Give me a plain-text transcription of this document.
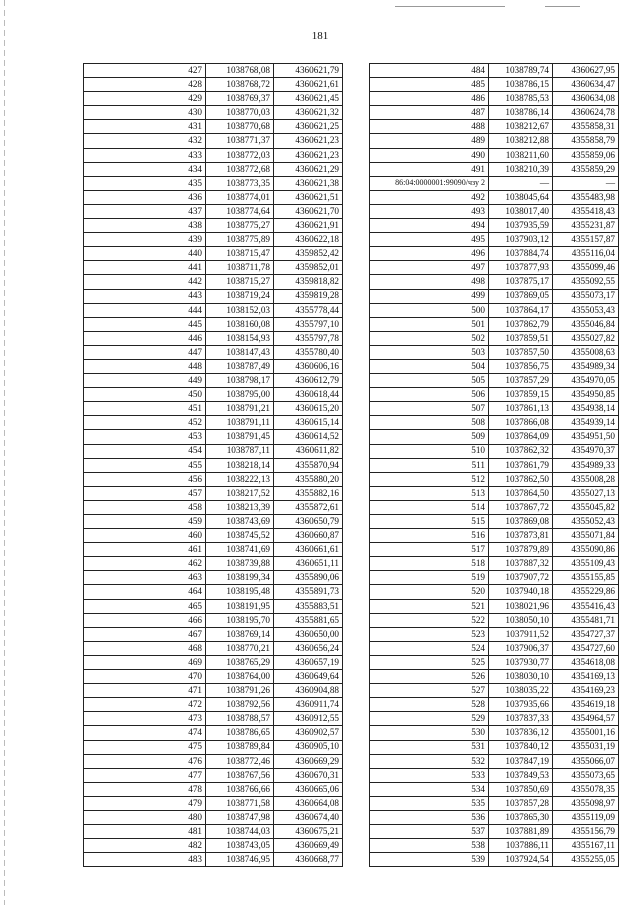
181
427	1038768,08	4360621,79
428	1038768,72	4360621,61
429	1038769,37	4360621,45
430	1038770,03	4360621,32
431	1038770,68	4360621,25
432	1038771,37	4360621,23
433	1038772,03	4360621,23
434	1038772,68	4360621,29
435	1038773,35	4360621,38
436	1038774,01	4360621,51
437	1038774,64	4360621,70
438	1038775,27	4360621,91
439	1038775,89	4360622,18
440	1038715,47	4359852,42
441	1038711,78	4359852,01
442	1038715,27	4359818,82
443	1038719,24	4359819,28
444	1038152,03	4355778,44
445	1038160,08	4355797,10
446	1038154,93	4355797,78
447	1038147,43	4355780,40
448	1038787,49	4360606,16
449	1038798,17	4360612,79
450	1038795,00	4360618,44
451	1038791,21	4360615,20
452	1038791,11	4360615,14
453	1038791,45	4360614,52
454	1038787,11	4360611,82
455	1038218,14	4355870,94
456	1038222,13	4355880,20
457	1038217,52	4355882,16
458	1038213,39	4355872,61
459	1038743,69	4360650,79
460	1038745,52	4360660,87
461	1038741,69	4360661,61
462	1038739,88	4360651,11
463	1038199,34	4355890,06
464	1038195,48	4355891,73
465	1038191,95	4355883,51
466	1038195,70	4355881,65
467	1038769,14	4360650,00
468	1038770,21	4360656,24
469	1038765,29	4360657,19
470	1038764,00	4360649,64
471	1038791,26	4360904,88
472	1038792,56	4360911,74
473	1038788,57	4360912,55
474	1038786,65	4360902,57
475	1038789,84	4360905,10
476	1038772,46	4360669,29
477	1038767,56	4360670,31
478	1038766,66	4360665,06
479	1038771,58	4360664,08
480	1038747,98	4360674,40
481	1038744,03	4360675,21
482	1038743,05	4360669,49
483	1038746,95	4360668,77
484	1038789,74	4360627,95
485	1038786,15	4360634,47
486	1038785,53	4360634,08
487	1038786,14	4360624,78
488	1038212,67	4355858,31
489	1038212,88	4355858,79
490	1038211,60	4355859,06
491	1038210,39	4355859,29
86:04:0000001:99090/чзу 2	—	—
492	1038045,64	4355483,98
493	1038017,40	4355418,43
494	1037935,59	4355231,87
495	1037903,12	4355157,87
496	1037884,74	4355116,04
497	1037877,93	4355099,46
498	1037875,17	4355092,55
499	1037869,05	4355073,17
500	1037864,17	4355053,43
501	1037862,79	4355046,84
502	1037859,51	4355027,82
503	1037857,50	4355008,63
504	1037856,75	4354989,34
505	1037857,29	4354970,05
506	1037859,15	4354950,85
507	1037861,13	4354938,14
508	1037866,08	4354939,14
509	1037864,09	4354951,50
510	1037862,32	4354970,37
511	1037861,79	4354989,33
512	1037862,50	4355008,28
513	1037864,50	4355027,13
514	1037867,72	4355045,82
515	1037869,08	4355052,43
516	1037873,81	4355071,84
517	1037879,89	4355090,86
518	1037887,32	4355109,43
519	1037907,72	4355155,85
520	1037940,18	4355229,86
521	1038021,96	4355416,43
522	1038050,10	4355481,71
523	1037911,52	4354727,37
524	1037906,37	4354727,60
525	1037930,77	4354618,08
526	1038030,10	4354169,13
527	1038035,22	4354169,23
528	1037935,66	4354619,18
529	1037837,33	4354964,57
530	1037836,12	4355001,16
531	1037840,12	4355031,19
532	1037847,19	4355066,07
533	1037849,53	4355073,65
534	1037850,69	4355078,35
535	1037857,28	4355098,97
536	1037865,30	4355119,09
537	1037881,89	4355156,79
538	1037886,11	4355167,11
539	1037924,54	4355255,05
